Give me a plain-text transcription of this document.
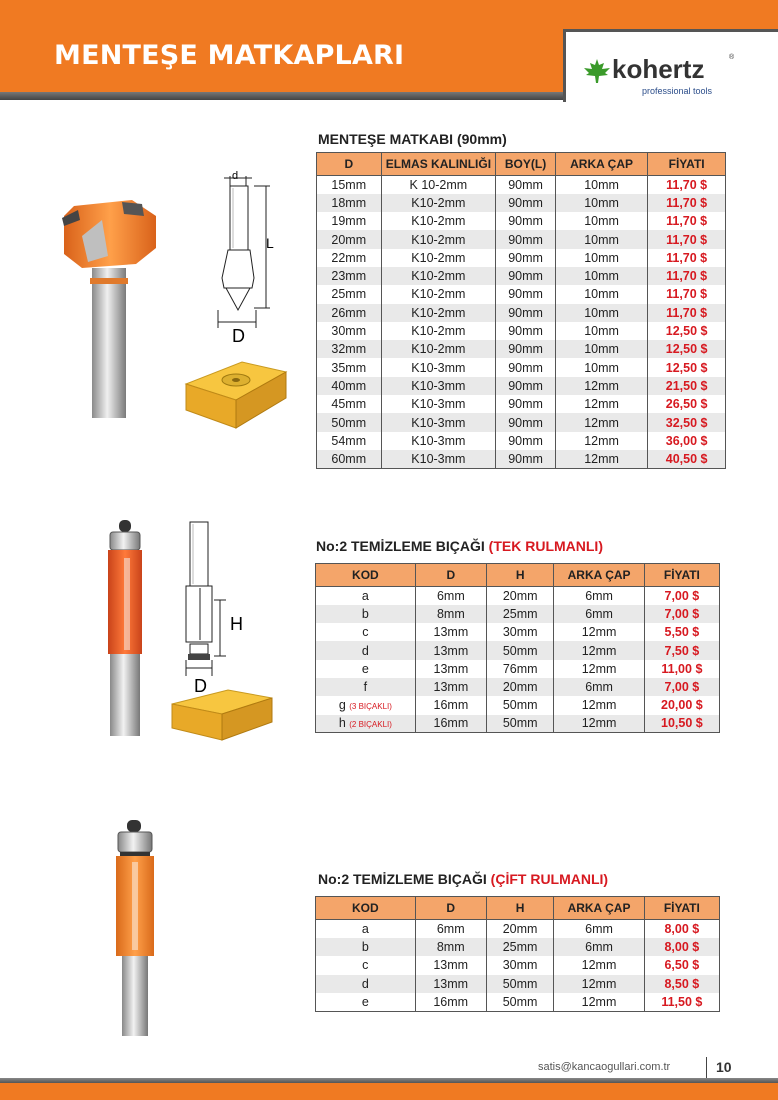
MENTEŞE MATKAPLARI	kohertz	®
professional tools
MENTEŞE MATKABI (90mm)
d
L
D
D	ELMAS KALINLIĞI	BOY(L)	ARKA ÇAP	FİYATI
15mm	K 10-2mm	90mm	10mm	11,70 $
18mm	K10-2mm	90mm	10mm	11,70 $
19mm	K10-2mm	90mm	10mm	11,70 $
20mm	K10-2mm	90mm	10mm	11,70 $
22mm	K10-2mm	90mm	10mm	11,70 $
23mm	K10-2mm	90mm	10mm	11,70 $
25mm	K10-2mm	90mm	10mm	11,70 $
26mm	K10-2mm	90mm	10mm	11,70 $
30mm	K10-2mm	90mm	10mm	12,50 $
32mm	K10-2mm	90mm	10mm	12,50 $
35mm	K10-3mm	90mm	10mm	12,50 $
40mm	K10-3mm	90mm	12mm	21,50 $
45mm	K10-3mm	90mm	12mm	26,50 $
50mm	K10-3mm	90mm	12mm	32,50 $
54mm	K10-3mm	90mm	12mm	36,00 $
60mm	K10-3mm	90mm	12mm	40,50 $
No:2 TEMİZLEME BIÇAĞI (TEK RULMANLI)
H
D
KOD	D	H	ARKA ÇAP	FİYATI
a	6mm	20mm	6mm	7,00 $
b	8mm	25mm	6mm	7,00 $
c	13mm	30mm	12mm	5,50 $
d	13mm	50mm	12mm	7,50 $
e	13mm	76mm	12mm	11,00 $
f	13mm	20mm	6mm	7,00 $
g (3 BIÇAKLI)	16mm	50mm	12mm	20,00 $
h (2 BIÇAKLI)	16mm	50mm	12mm	10,50 $
No:2 TEMİZLEME BIÇAĞI (ÇİFT RULMANLI)
KOD	D	H	ARKA ÇAP	FİYATI
a	6mm	20mm	6mm	8,00 $
b	8mm	25mm	6mm	8,00 $
c	13mm	30mm	12mm	6,50 $
d	13mm	50mm	12mm	8,50 $
e	16mm	50mm	12mm	11,50 $
satis@kancaogullari.com.tr	10
